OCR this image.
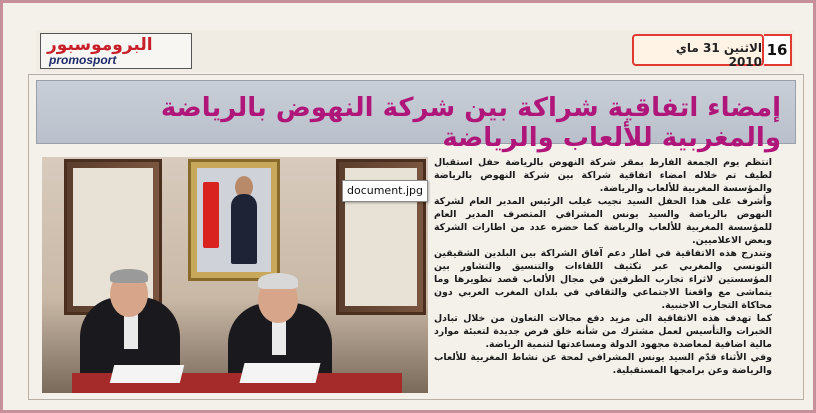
البروموسبور
promosport
الاثنين 31 ماي 2010
16
إمضاء اتفاقية شراكة بين شركة النهوض بالرياضة والمغربية للألعاب والرياضة

انتظم يوم الجمعة الفارط بمقر شركة النهوض بالرياضة حفل استقبال لطيف تم خلاله امضاء اتفاقية شراكة بين شركة النهوض بالرياضة والمؤسسة المغربية للألعاب والرياضة.

وأشرف على هذا الحفل السيد نجيب غيلب الرئيس المدير العام لشركة النهوض بالرياضة والسيد يونس المشرافي المتصرف المدير العام للمؤسسة المغربية للألعاب والرياضة كما حضره عدد من اطارات الشركة وبعض الاعلاميين.

وتندرج هذه الاتفاقية في اطار دعم آفاق الشراكة بين البلدين الشقيقين التونسي والمغربي عبر تكثيف اللقاءات والتنسيق والتشاور بين المؤسستين لاثراء تجارب الطرفين في مجال الألعاب قصد تطويرها وما يتماشى مع واقعنا الاجتماعي والثقافي في بلدان المغرب العربي دون محاكاة التجارب الاجنبية.

كما تهدف هذه الاتفاقية الى مزيد دفع مجالات التعاون من خلال تبادل الخبرات والتأسيس لعمل مشترك من شأنه خلق فرص جديدة لتعبئة موارد مالية اضافية لمعاضدة مجهود الدولة ومساعدتها لتنمية الرياضة.

وفي الأثناء قدّم السيد يونس المشرافي لمحة عن نشاط المغربية للألعاب والرياضة وعن برامجها المستقبلية.

document.jpg
